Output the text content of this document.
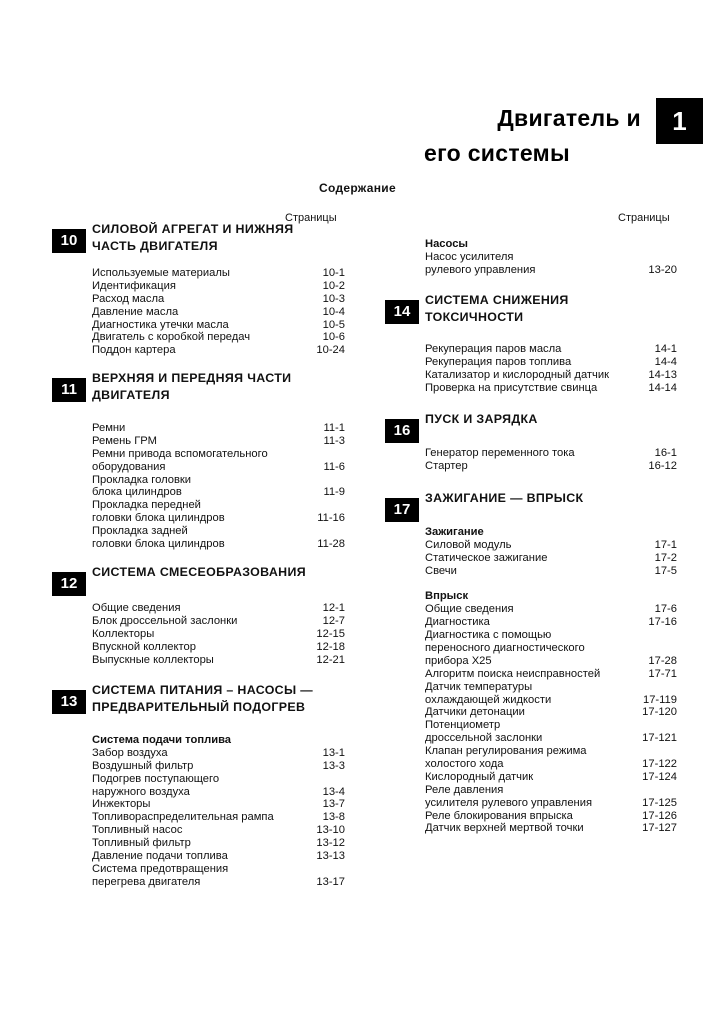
Двигатель и
его системы
1
Содержание
Страницы	Страницы
10
СИЛОВОЙ АГРЕГАТ И НИЖНЯЯ
ЧАСТЬ ДВИГАТЕЛЯ
Используемые материалы	10-1
Идентификация	10-2
Расход масла	10-3
Давление масла	10-4
Диагностика утечки масла	10-5
Двигатель с коробкой передач	10-6
Поддон картера	10-24
11
ВЕРХНЯЯ И ПЕРЕДНЯЯ ЧАСТИ
ДВИГАТЕЛЯ
Ремни	11-1
Ремень ГРМ	11-3
Ремни привода вспомогательного
оборудования	11-6
Прокладка головки
блока цилиндров	11-9
Прокладка передней
головки блока цилиндров	11-16
Прокладка задней
головки блока цилиндров	11-28
12
СИСТЕМА СМЕСЕОБРАЗОВАНИЯ
Общие сведения	12-1
Блок дроссельной заслонки	12-7
Коллекторы	12-15
Впускной коллектор	12-18
Выпускные коллекторы	12-21
13
СИСТЕМА ПИТАНИЯ – НАСОСЫ —
ПРЕДВАРИТЕЛЬНЫЙ ПОДОГРЕВ
Система подачи топлива
Забор воздуха	13-1
Воздушный фильтр	13-3
Подогрев поступающего
наружного воздуха	13-4
Инжекторы	13-7
Топливораспределительная рампа	13-8
Топливный насос	13-10
Топливный фильтр	13-12
Давление подачи топлива	13-13
Система предотвращения
перегрева двигателя	13-17
Насосы
Насос усилителя
рулевого управления	13-20
14
СИСТЕМА СНИЖЕНИЯ
ТОКСИЧНОСТИ
Рекуперация паров масла	14-1
Рекуперация паров топлива	14-4
Катализатор и кислородный датчик	14-13
Проверка на присутствие свинца	14-14
16
ПУСК И ЗАРЯДКА
Генератор переменного тока	16-1
Стартер	16-12
17
ЗАЖИГАНИЕ — ВПРЫСК
Зажигание
Силовой модуль	17-1
Статическое зажигание	17-2
Свечи	17-5
Впрыск
Общие сведения	17-6
Диагностика	17-16
Диагностика с помощью
переносного диагностического
прибора X25	17-28
Алгоритм поиска неисправностей	17-71
Датчик температуры
охлаждающей жидкости	17-119
Датчики детонации	17-120
Потенциометр
дроссельной заслонки	17-121
Клапан регулирования режима
холостого хода	17-122
Кислородный датчик	17-124
Реле давления
усилителя рулевого управления	17-125
Реле блокирования впрыска	17-126
Датчик верхней мертвой точки	17-127
